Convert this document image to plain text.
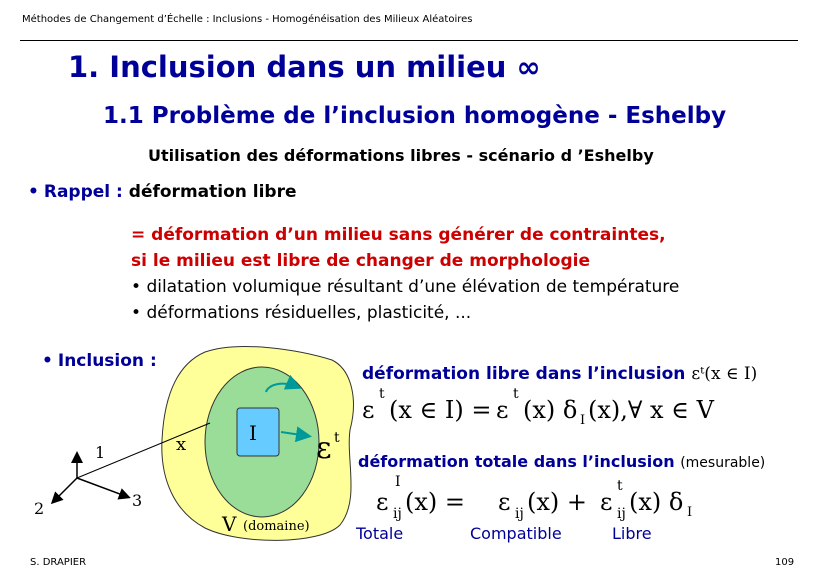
Méthodes de Changement d’Échelle : Inclusions - Homogénéisation des Milieux Aléatoires
1. Inclusion dans un milieu ∞
1.1 Problème de l’inclusion homogène - Eshelby
Utilisation des déformations libres - scénario d ’Eshelby
• Rappel : déformation libre
= déformation d’un milieu sans générer de contraintes,
si le milieu est libre de changer de morphologie
• dilatation volumique résultant d’une élévation de température
• déformations résiduelles, plasticité, ...
• Inclusion :
déformation libre dans l’inclusion εᵗ(x ∈ I)
déformation totale dans l’inclusion (mesurable)
1
2	3
x	I ε t
V (domaine)
ε
t
(x ∈ I) = ε
t
(x) δ I (x),∀ x ∈ V
ε
I
ij (x) = ε ij (x) + ε
t
ij (x) δ I
Totale	Compatible	Libre
S. DRAPIER	109
